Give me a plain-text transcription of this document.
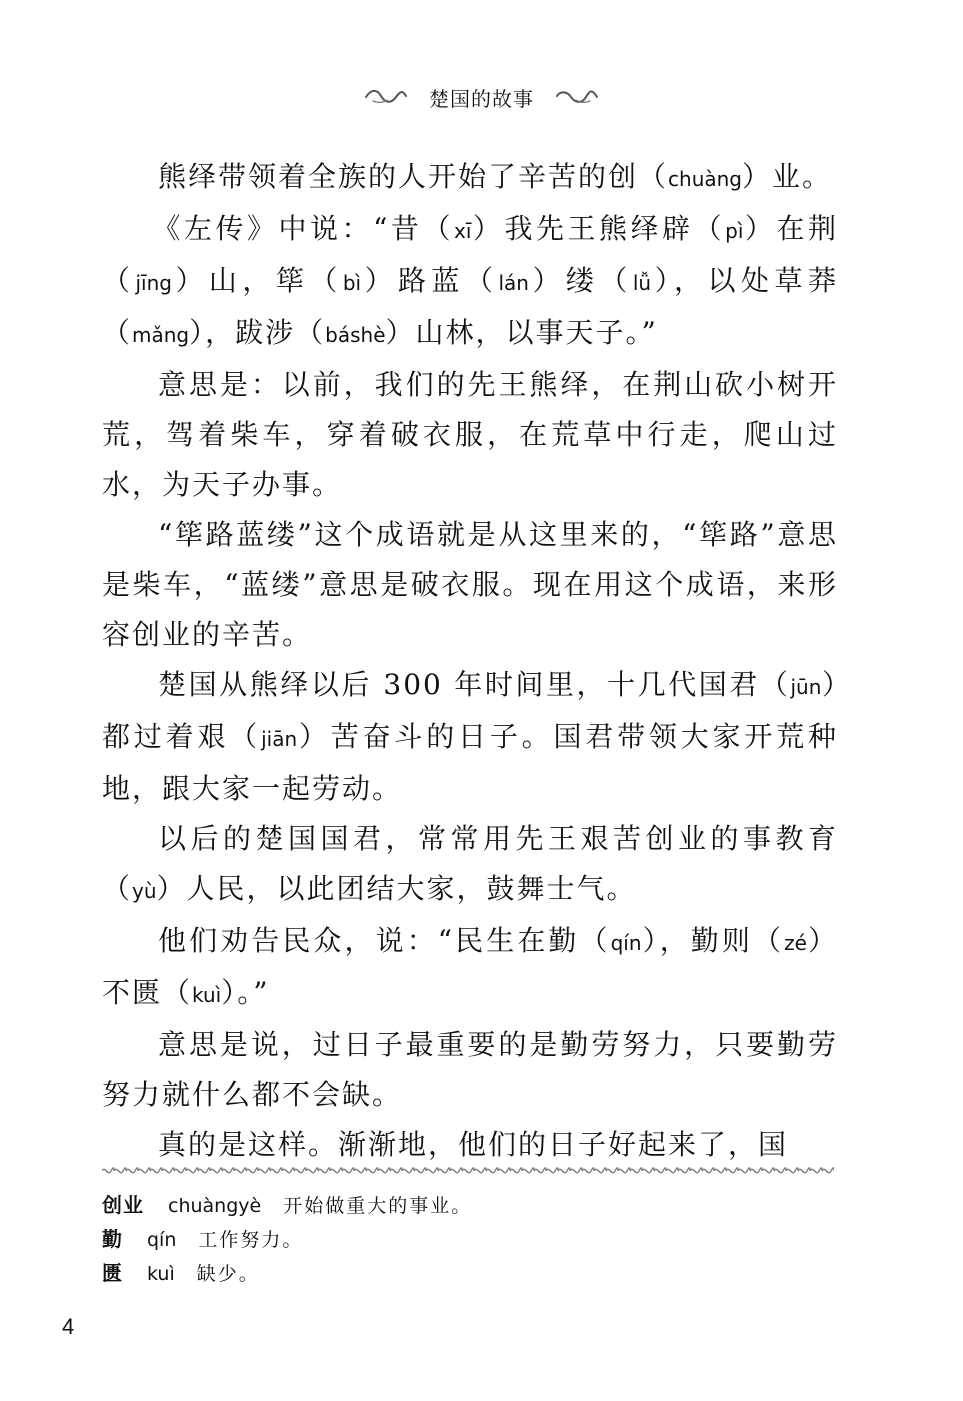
楚国的故事

熊绎带领着全族的人开始了辛苦的创（chuàng）业。

《左传》中说：“昔（xī）我先王熊绎辟（pì）在荆（jīng）山，筚（bì）路蓝（lán）缕（lǚ），以处草莽（mǎng），跋涉（báshè）山林，以事天子。”

意思是：以前，我们的先王熊绎，在荆山砍小树开荒，驾着柴车，穿着破衣服，在荒草中行走，爬山过水，为天子办事。

“筚路蓝缕”这个成语就是从这里来的，“筚路”意思是柴车，“蓝缕”意思是破衣服。现在用这个成语，来形容创业的辛苦。

楚国从熊绎以后 300 年时间里，十几代国君（jūn）都过着艰（jiān）苦奋斗的日子。国君带领大家开荒种地，跟大家一起劳动。

以后的楚国国君，常常用先王艰苦创业的事教育（yù）人民，以此团结大家，鼓舞士气。

他们劝告民众，说：“民生在勤（qín），勤则（zé）不匮（kuì）。”

意思是说，过日子最重要的是勤劳努力，只要勤劳努力就什么都不会缺。

真的是这样。渐渐地，他们的日子好起来了，国

创业 chuàngyè 开始做重大的事业。
勤 qín 工作努力。
匮 kuì 缺少。
4
